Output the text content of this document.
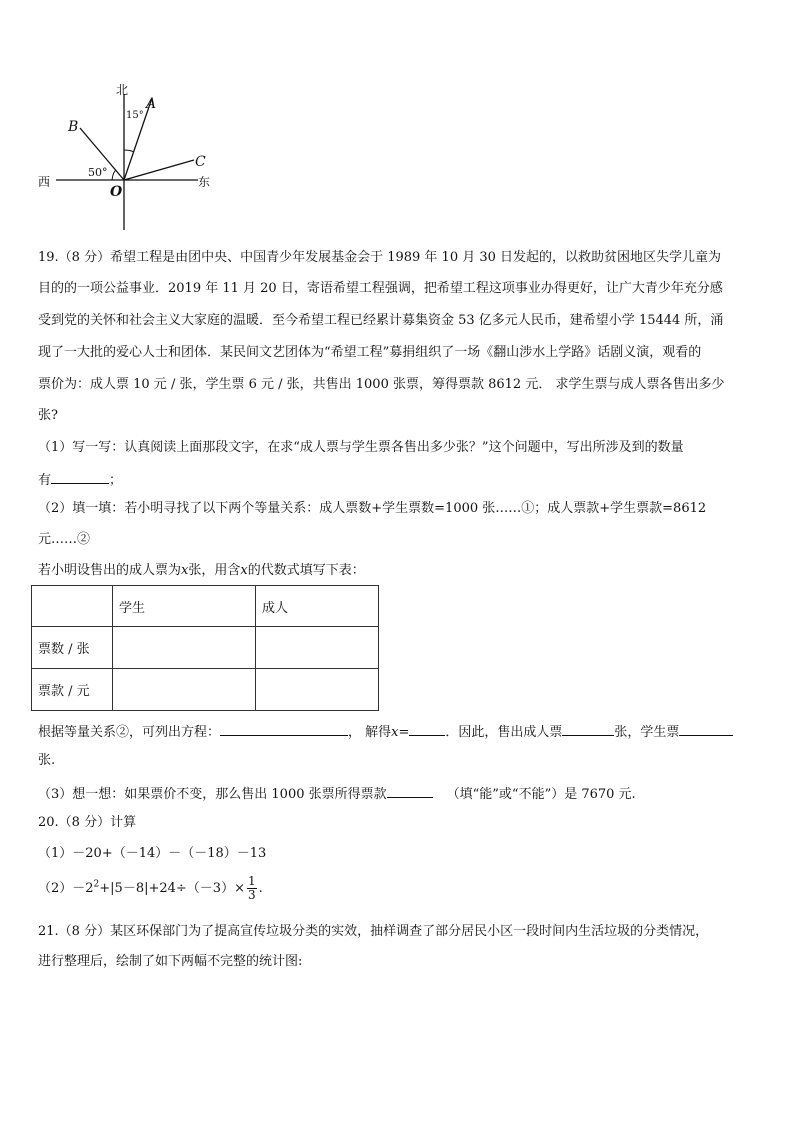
北
A
15°
B
C
50°
西	东
O
19.（8 分）希望工程是由团中央、中国青少年发展基金会于 1989 年 10 月 30 日发起的，以救助贫困地区失学儿童为
目的的一项公益事业．2019 年 11 月 20 日，寄语希望工程强调，把希望工程这项事业办得更好，让广大青少年充分感
受到党的关怀和社会主义大家庭的温暖．至今希望工程已经累计募集资金 53 亿多元人民币，建希望小学 15444 所，涌
现了一大批的爱心人士和团体．某民间文艺团体为“希望工程”募捐组织了一场《翻山涉水上学路》话剧义演，观看的
票价为：成人票 10 元 / 张，学生票 6 元 / 张，共售出 1000 张票，筹得票款 8612 元． 求学生票与成人票各售出多少
张?
（1）写一写：认真阅读上面那段文字，在求“成人票与学生票各售出多少张？”这个问题中，写出所涉及到的数量
有	；
（2）填一填：若小明寻找了以下两个等量关系：成人票数+学生票数=1000 张……①；成人票款+学生票款=8612
元……②
若小明设售出的成人票为x张，用含x的代数式填写下表：
	学生	成人
票数 / 张		
票款 / 元		
根据等量关系②，可列出方程：	， 解得x=	．因此，售出成人票	张，学生票
张.
（3）想一想：如果票价不变，那么售出 1000 张票所得票款	（填“能”或“不能”）是 7670 元.
20.（8 分）计算
（1）－20+（－14）－（－18）－13
$(2)-2^2+|5-8|+24\div(-3)\times \frac{1}{3}$ .
21.（8 分）某区环保部门为了提高宣传垃圾分类的实效，抽样调查了部分居民小区一段时间内生活垃圾的分类情况，
进行整理后，绘制了如下两幅不完整的统计图:
